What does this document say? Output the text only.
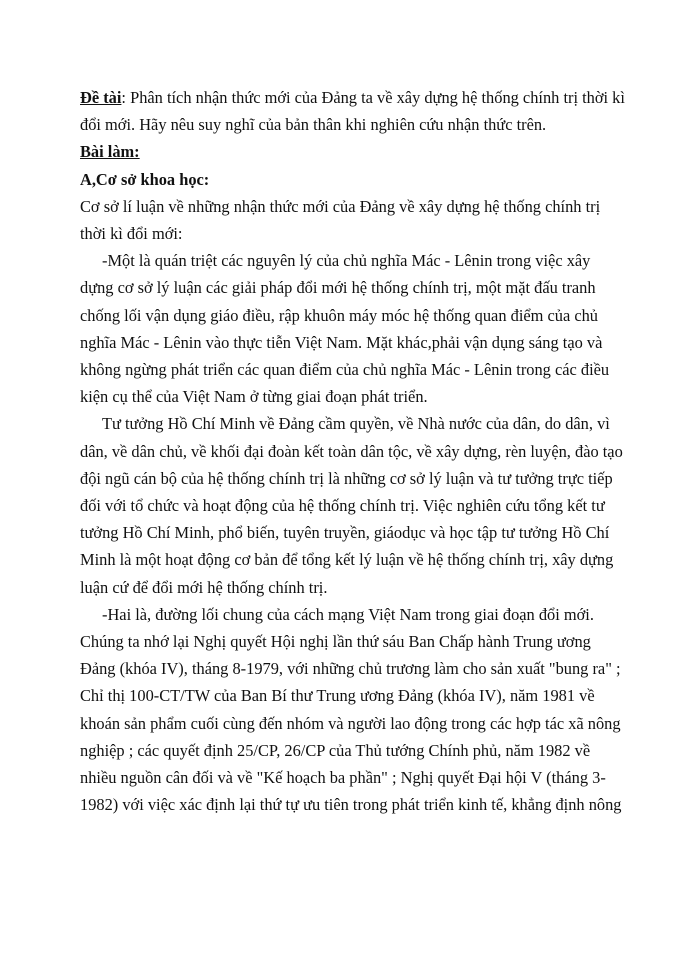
Đề tài: Phân tích nhận thức mới của Đảng ta về xây dựng hệ thống chính trị thời kì
đổi mới. Hãy nêu suy nghĩ của bản thân khi nghiên cứu nhận thức trên.
Bài làm:
A,Cơ sở khoa học:
Cơ sở lí luận về những nhận thức mới của Đảng về xây dựng hệ thống chính trị
thời kì đổi mới:
-Một là quán triệt các nguyên lý của chủ nghĩa Mác - Lênin trong việc xây
dựng cơ sở lý luận các giải pháp đổi mới hệ thống chính trị, một mặt đấu tranh
chống lối vận dụng giáo điều, rập khuôn máy móc hệ thống quan điểm của chủ
nghĩa Mác - Lênin vào thực tiễn Việt Nam. Mặt khác,phải vận dụng sáng tạo và
không ngừng phát triển các quan điểm của chủ nghĩa Mác - Lênin trong các điều
kiện cụ thể của Việt Nam ở từng giai đoạn phát triển.
Tư tưởng Hồ Chí Minh về Đảng cầm quyền, về Nhà nước của dân, do dân, vì
dân, về dân chủ, về khối đại đoàn kết toàn dân tộc, về xây dựng, rèn luyện, đào tạo
đội ngũ cán bộ của hệ thống chính trị là những cơ sở lý luận và tư tưởng trực tiếp
đối với tổ chức và hoạt động của hệ thống chính trị. Việc nghiên cứu tổng kết tư
tưởng Hồ Chí Minh, phổ biến, tuyên truyền, giáodục và học tập tư tưởng Hồ Chí
Minh là một hoạt động cơ bản để tổng kết lý luận về hệ thống chính trị, xây dựng
luận cứ để đổi mới hệ thống chính trị.
-Hai là, đường lối chung của cách mạng Việt Nam trong giai đoạn đổi mới.
Chúng ta nhớ lại Nghị quyết Hội nghị lần thứ sáu Ban Chấp hành Trung ương
Đảng (khóa IV), tháng 8-1979, với những chủ trương làm cho sản xuất "bung ra" ;
Chỉ thị 100-CT/TW của Ban Bí thư Trung ương Đảng (khóa IV), năm 1981 về
khoán sản phẩm cuối cùng đến nhóm và người lao động trong các hợp tác xã nông
nghiệp ; các quyết định 25/CP, 26/CP của Thủ tướng Chính phủ, năm 1982 về
nhiều nguồn cân đối và về "Kế hoạch ba phần" ; Nghị quyết Đại hội V (tháng 3-
1982) với việc xác định lại thứ tự ưu tiên trong phát triển kinh tế, khẳng định nông
